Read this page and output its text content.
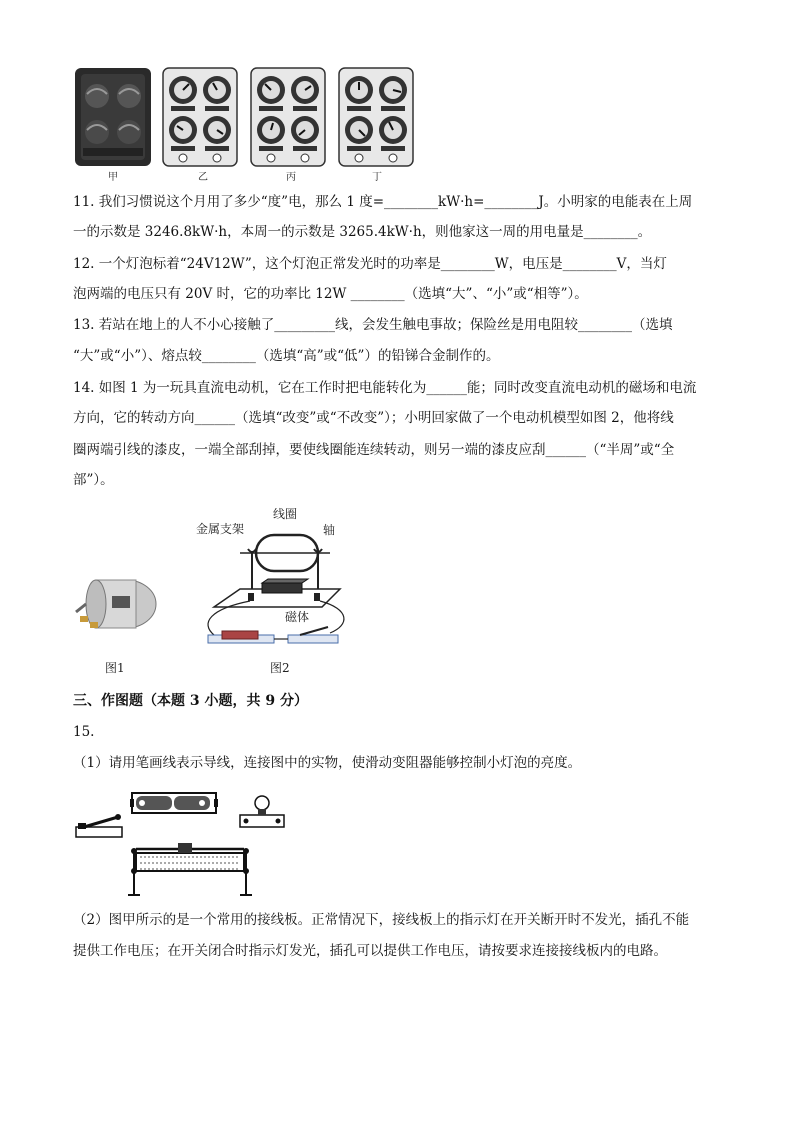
甲	乙	丙	丁
11. 我们习惯说这个月用了多少“度”电，那么 1 度=________kW·h=________J。小明家的电能表在上周
一的示数是 3246.8kW·h，本周一的示数是 3265.4kW·h，则他家这一周的用电量是________。
12. 一个灯泡标着“24V12W”，这个灯泡正常发光时的功率是________W，电压是________V，当灯
泡两端的电压只有 20V 时，它的功率比 12W ________（选填“大”、“小”或“相等”）。
13. 若站在地上的人不小心接触了_________线，会发生触电事故；保险丝是用电阻较________（选填
“大”或“小”）、熔点较________（选填“高”或“低”）的铅锑合金制作的。
14. 如图 1 为一玩具直流电动机，它在工作时把电能转化为______能；同时改变直流电动机的磁场和电流
方向，它的转动方向______（选填“改变”或“不改变”）；小明回家做了一个电动机模型如图 2，他将线
圈两端引线的漆皮，一端全部刮掉，要使线圈能连续转动，则另一端的漆皮应刮______（“半周”或“全
部”）。
金属支架
线圈
轴
磁体
图1	图2
三、作图题（本题 3 小题，共 9 分）
15.
（1）请用笔画线表示导线，连接图中的实物，使滑动变阻器能够控制小灯泡的亮度。
（2）图甲所示的是一个常用的接线板。正常情况下，接线板上的指示灯在开关断开时不发光，插孔不能
提供工作电压；在开关闭合时指示灯发光，插孔可以提供工作电压，请按要求连接接线板内的电路。
